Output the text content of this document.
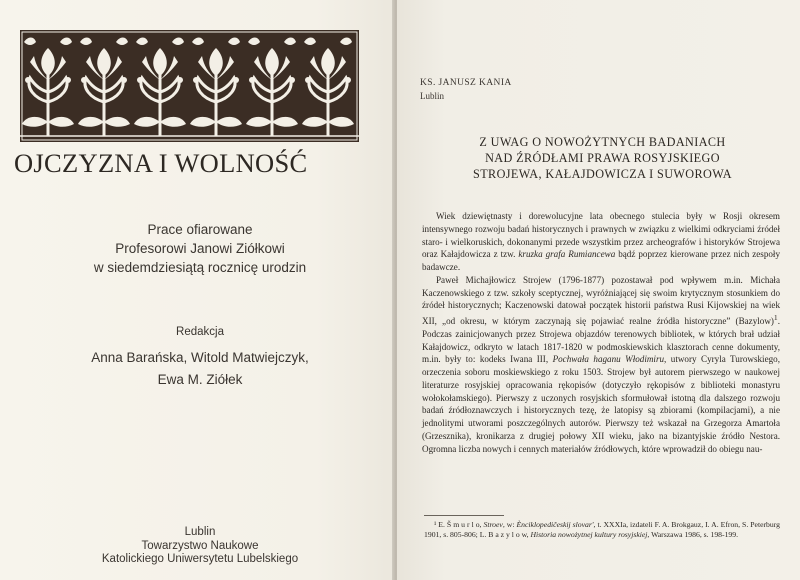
OJCZYZNA I WOLNOŚĆ
Prace ofiarowane
Profesorowi Janowi Ziółkowi
w siedemdziesiątą rocznicę urodzin
Redakcja
Anna Barańska, Witold Matwiejczyk,
Ewa M. Ziółek
Lublin
Towarzystwo Naukowe
Katolickiego Uniwersytetu Lubelskiego
KS. JANUSZ KANIA
Lublin
Z UWAG O NOWOŻYTNYCH BADANIACH
NAD ŹRÓDŁAMI PRAWA ROSYJSKIEGO
STROJEWA, KAŁAJDOWICZA I SUWOROWA

Wiek dziewiętnasty i dorewolucyjne lata obecnego stulecia były w Rosji okresem intensywnego rozwoju badań historycznych i prawnych w związku z wielkimi odkryciami źródeł staro- i wielkoruskich, dokonanymi przede wszystkim przez archeografów i historyków Strojewa oraz Kałajdowicza z tzw. kruzka grafa Rumiancewa bądź poprzez kierowane przez nich zespoły badawcze.

Paweł Michajłowicz Strojew (1796-1877) pozostawał pod wpływem m.in. Michała Kaczenowskiego z tzw. szkoły sceptycznej, wyróżniającej się swoim krytycznym stosunkiem do źródeł historycznych; Kaczenowski datował początek historii państwa Rusi Kijowskiej na wiek XII, „od okresu, w którym zaczynają się pojawiać realne źródła historyczne” (Bazylow)$^1$. Podczas zainicjowanych przez Strojewa objazdów terenowych bibliotek, w których brał udział Kałajdowicz, odkryto w latach 1817-1820 w podmoskiewskich klasztorach cenne dokumenty, m.in. były to: kodeks Iwana III, Pochwała haganu Włodimiru, utwory Cyryla Turowskiego, orzeczenia soboru moskiewskiego z roku 1503. Strojew był autorem pierwszego w naukowej literaturze rosyjskiej opracowania rękopisów (dotyczyło rękopisów z biblioteki monastyru wołokołamskiego). Pierwszy z uczonych rosyjskich sformułował istotną dla dalszego rozwoju badań źródłoznawczych i historycznych tezę, że latopisy są zbiorami (kompilacjami), a nie jednolitymi utworami poszczególnych autorów. Pierwszy też wskazał na Grzegorza Amartoła (Grzesznika), kronikarza z drugiej połowy XII wieku, jako na bizantyjskie źródło Nestora. Ogromna liczba nowych i cennych materiałów źródłowych, które wprowadził do obiegu nau-

¹ E. Š m u r l o, Stroev, w: Ènciklopedičeskij slovar', t. XXXIa, izdateli F. A. Brokgauz, I. A. Efron, S. Peterburg 1901, s. 805-806; L. B a z y l o w, Historia nowożytnej kultury rosyjskiej, Warszawa 1986, s. 198-199.
